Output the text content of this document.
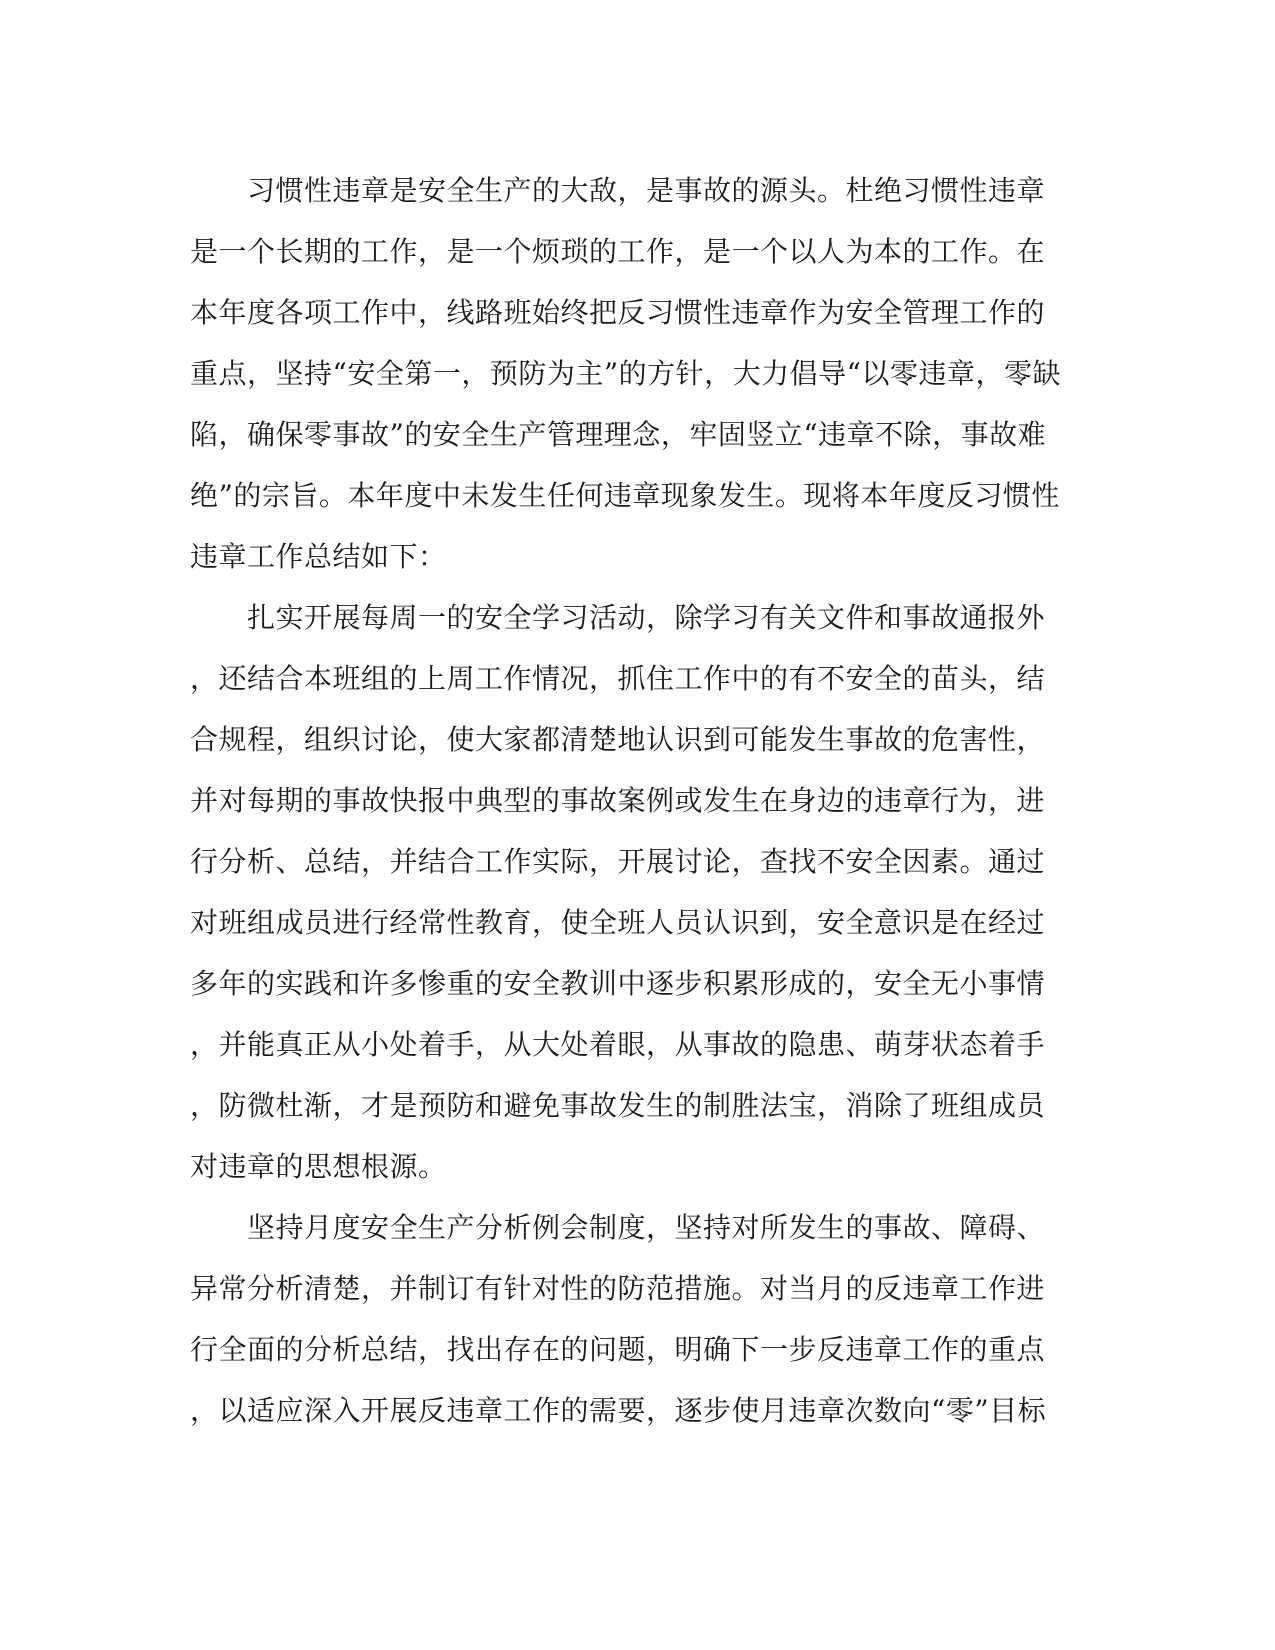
　　习惯性违章是安全生产的大敌，是事故的源头。杜绝习惯性违章
是一个长期的工作，是一个烦琐的工作，是一个以人为本的工作。在
本年度各项工作中，线路班始终把反习惯性违章作为安全管理工作的
重点，坚持“安全第一，预防为主”的方针，大力倡导“以零违章，零缺
陷，确保零事故”的安全生产管理理念，牢固竖立“违章不除，事故难
绝”的宗旨。本年度中未发生任何违章现象发生。现将本年度反习惯性
违章工作总结如下：
　　扎实开展每周一的安全学习活动，除学习有关文件和事故通报外
，还结合本班组的上周工作情况，抓住工作中的有不安全的苗头，结
合规程，组织讨论，使大家都清楚地认识到可能发生事故的危害性，
并对每期的事故快报中典型的事故案例或发生在身边的违章行为，进
行分析、总结，并结合工作实际，开展讨论，查找不安全因素。通过
对班组成员进行经常性教育，使全班人员认识到，安全意识是在经过
多年的实践和许多惨重的安全教训中逐步积累形成的，安全无小事情
，并能真正从小处着手，从大处着眼，从事故的隐患、萌芽状态着手
，防微杜渐，才是预防和避免事故发生的制胜法宝，消除了班组成员
对违章的思想根源。
　　坚持月度安全生产分析例会制度，坚持对所发生的事故、障碍、
异常分析清楚，并制订有针对性的防范措施。对当月的反违章工作进
行全面的分析总结，找出存在的问题，明确下一步反违章工作的重点
，以适应深入开展反违章工作的需要，逐步使月违章次数向“零”目标
